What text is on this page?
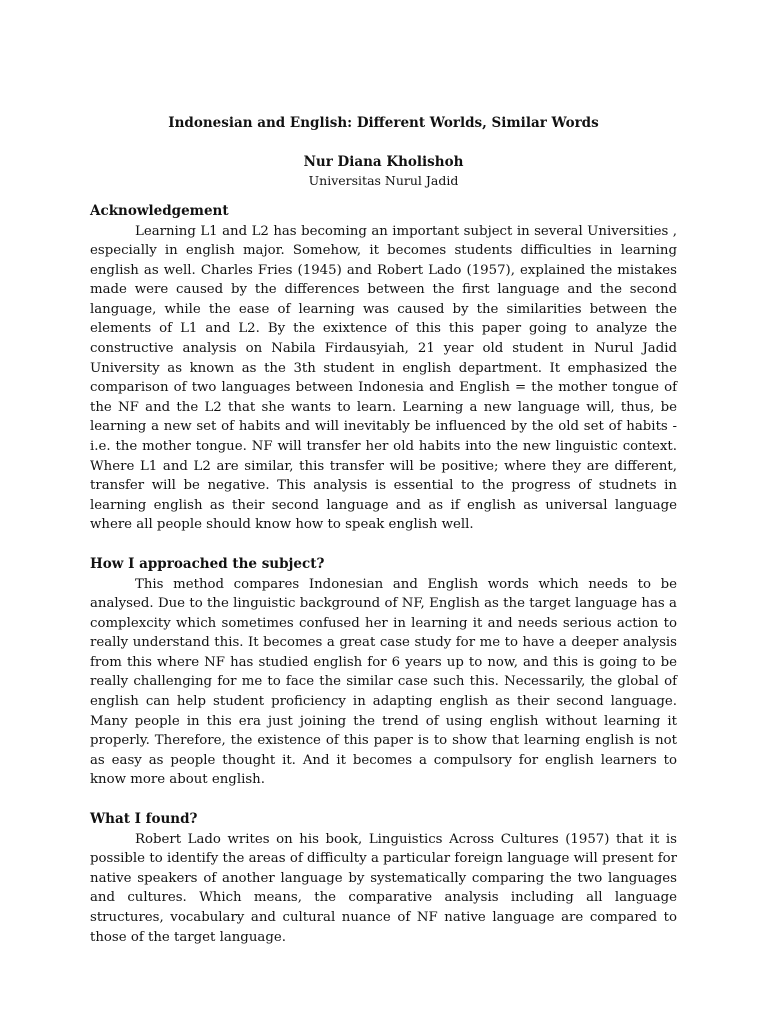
Indonesian and English: Different Worlds, Similar Words

Nur Diana Kholishoh

Universitas Nurul Jadid

Acknowledgement

Learning L1 and L2 has becoming an important subject in several Universities , especially in english major. Somehow, it becomes students difficulties in learning english as well. Charles Fries (1945) and Robert Lado (1957), explained the mistakes made were caused by the differences between the first language and the second language, while the ease of learning was caused by the similarities between the elements of L1 and L2. By the exixtence of this this paper going to analyze the constructive analysis on Nabila Firdausyiah, 21 year old student in Nurul Jadid University as known as the 3th student in english department. It emphasized the comparison of two languages between Indonesia and English = the mother tongue of the NF and the L2 that she wants to learn. Learning a new language will, thus, be learning a new set of habits and will inevitably be influenced by the old set of habits -i.e. the mother tongue. NF will transfer her old habits into the new linguistic context. Where L1 and L2 are similar, this transfer will be positive; where they are different, transfer will be negative. This analysis is essential to the progress of studnets in learning english as their second language and as if english as universal language where all people should know how to speak english well.

How I approached the subject?

This method compares Indonesian and English words which needs to be analysed. Due to the linguistic background of NF, English as the target language has a complexcity which sometimes confused her in learning it and needs serious action to really understand this. It becomes a great case study for me to have a deeper analysis from this where NF has studied english for 6 years up to now, and this is going to be really challenging for me to face the similar case such this. Necessarily, the global of english can help student proficiency in adapting english as their second language. Many people in this era just joining the trend of using english without learning it properly. Therefore, the existence of this paper is to show that learning english is not as easy as people thought it. And it becomes a compulsory for english learners to know more about english.

What I found?

Robert Lado writes on his book, Linguistics Across Cultures (1957) that it is possible to identify the areas of difficulty a particular foreign language will present for native speakers of another language by systematically comparing the two languages and cultures. Which means, the comparative analysis including all language structures, vocabulary and cultural nuance of NF native language are compared to those of the target language.
